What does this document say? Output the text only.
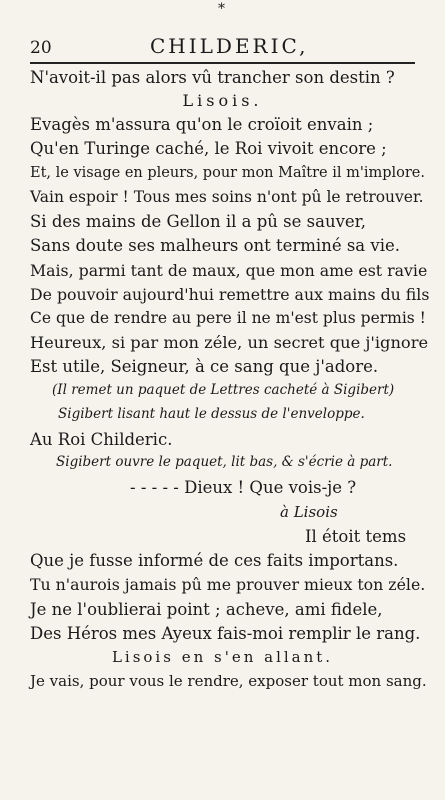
*
20	CHILDERIC,
N'avoit-il pas alors vû trancher son destin ?
Lisois.
Evagès m'assura qu'on le croïoit envain ;
Qu'en Turinge caché, le Roi vivoit encore ;
Et, le visage en pleurs, pour mon Maître il m'implore.
Vain espoir ! Tous mes soins n'ont pû le retrouver.
Si des mains de Gellon il a pû se sauver,
Sans doute ses malheurs ont terminé sa vie.
Mais, parmi tant de maux, que mon ame est ravie
De pouvoir aujourd'hui remettre aux mains du fils
Ce que de rendre au pere il ne m'est plus permis !
Heureux, si par mon zéle, un secret que j'ignore
Est utile, Seigneur, à ce sang que j'adore.
(Il remet un paquet de Lettres cacheté à Sigibert)
Sigibert lisant haut le dessus de l'enveloppe.
Au Roi Childeric.
Sigibert ouvre le paquet, lit bas, & s'écrie à part.
- - - - - Dieux ! Que vois-je ?
à Lisois
Il étoit tems
Que je fusse informé de ces faits importans.
Tu n'aurois jamais pû me prouver mieux ton zéle.
Je ne l'oublierai point ; acheve, ami fidele,
Des Héros mes Ayeux fais-moi remplir le rang.
Lisois en s'en allant.
Je vais, pour vous le rendre, exposer tout mon sang.
